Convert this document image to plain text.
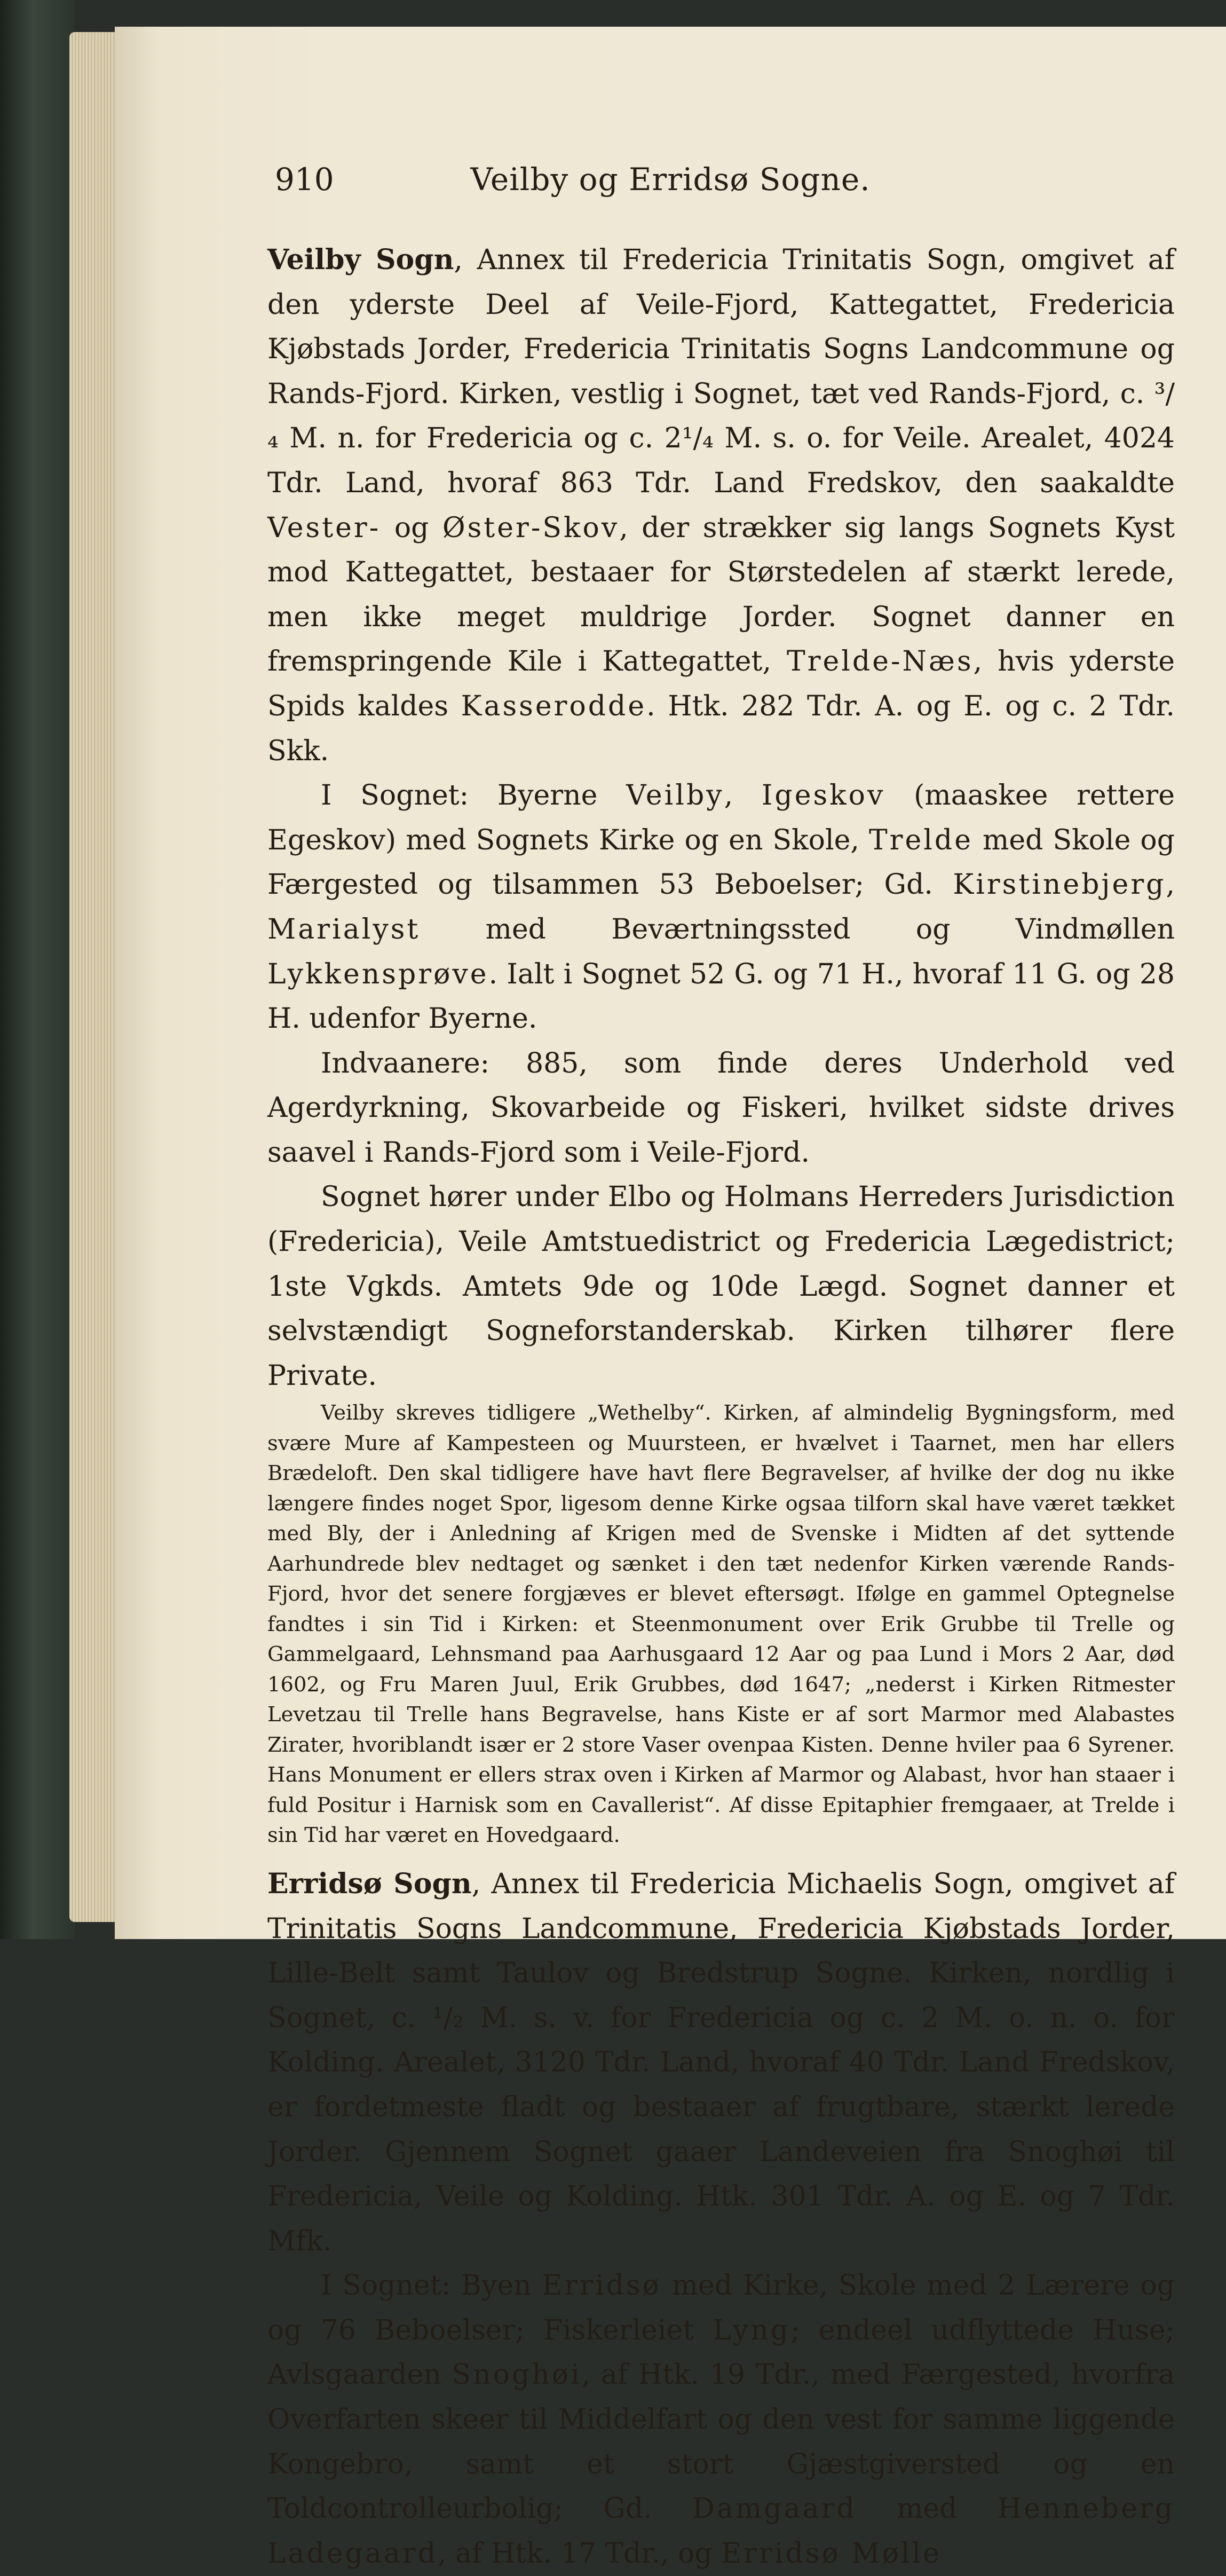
Veilby og Erridsø Sogne.
910

Veilby Sogn, Annex til Fredericia Trinitatis Sogn, omgivet af den yderste Deel af Veile-Fjord, Kattegattet, Fredericia Kjøbstads Jorder, Fredericia Trinitatis Sogns Landcommune og Rands-Fjord. Kirken, vestlig i Sognet, tæt ved Rands-Fjord, c. ³/₄ M. n. for Fredericia og c. 2¹/₄ M. s. o. for Veile. Arealet, 4024 Tdr. Land, hvoraf 863 Tdr. Land Fredskov, den saakaldte Vester- og Øster-Skov, der strækker sig langs Sognets Kyst mod Kattegattet, bestaaer for Størstedelen af stærkt lerede, men ikke meget muldrige Jorder. Sognet danner en fremspringende Kile i Kattegattet, Trelde-Næs, hvis yderste Spids kaldes Kasserodde. Htk. 282 Tdr. A. og E. og c. 2 Tdr. Skk.

I Sognet: Byerne Veilby, Igeskov (maaskee rettere Egeskov) med Sognets Kirke og en Skole, Trelde med Skole og Færgested og tilsammen 53 Beboelser; Gd. Kirstinebjerg, Marialyst med Beværtningssted og Vindmøllen Lykkensprøve. Ialt i Sognet 52 G. og 71 H., hvoraf 11 G. og 28 H. udenfor Byerne.

Indvaanere: 885, som finde deres Underhold ved Agerdyrkning, Skovarbeide og Fiskeri, hvilket sidste drives saavel i Rands-Fjord som i Veile-Fjord.

Sognet hører under Elbo og Holmans Herreders Jurisdiction (Fredericia), Veile Amtstuedistrict og Fredericia Lægedistrict; 1ste Vgkds. Amtets 9de og 10de Lægd. Sognet danner et selvstændigt Sogneforstanderskab. Kirken tilhører flere Private.

Veilby skreves tidligere „Wethelby“. Kirken, af almindelig Bygningsform, med svære Mure af Kampesteen og Muursteen, er hvælvet i Taarnet, men har ellers Brædeloft. Den skal tidligere have havt flere Begravelser, af hvilke der dog nu ikke længere findes noget Spor, ligesom denne Kirke ogsaa tilforn skal have været tækket med Bly, der i Anledning af Krigen med de Svenske i Midten af det syttende Aarhundrede blev nedtaget og sænket i den tæt nedenfor Kirken værende Rands-Fjord, hvor det senere forgjæves er blevet eftersøgt. Ifølge en gammel Optegnelse fandtes i sin Tid i Kirken: et Steenmonument over Erik Grubbe til Trelle og Gammelgaard, Lehnsmand paa Aarhusgaard 12 Aar og paa Lund i Mors 2 Aar, død 1602, og Fru Maren Juul, Erik Grubbes, død 1647; „nederst i Kirken Ritmester Levetzau til Trelle hans Begravelse, hans Kiste er af sort Marmor med Alabastes Zirater, hvoriblandt især er 2 store Vaser ovenpaa Kisten. Denne hviler paa 6 Syrener. Hans Monument er ellers strax oven i Kirken af Marmor og Alabast, hvor han staaer i fuld Positur i Harnisk som en Cavallerist“. Af disse Epitaphier fremgaaer, at Trelde i sin Tid har været en Hovedgaard.

Erridsø Sogn, Annex til Fredericia Michaelis Sogn, omgivet af Trinitatis Sogns Landcommune, Fredericia Kjøbstads Jorder, Lille-Belt samt Taulov og Bredstrup Sogne. Kirken, nordlig i Sognet, c. ¹/₂ M. s. v. for Fredericia og c. 2 M. o. n. o. for Kolding. Arealet, 3120 Tdr. Land, hvoraf 40 Tdr. Land Fredskov, er fordetmeste fladt og bestaaer af frugtbare, stærkt lerede Jorder. Gjennem Sognet gaaer Landeveien fra Snoghøi til Fredericia, Veile og Kolding. Htk. 301 Tdr. A. og E. og 7 Tdr. Mfk.

I Sognet: Byen Erridsø med Kirke, Skole med 2 Lærere og og 76 Beboelser; Fiskerleiet Lyng; endeel udflyttede Huse; Avlsgaarden Snoghøi, af Htk. 19 Tdr., med Færgested, hvorfra Overfarten skeer til Middelfart og den vest for samme liggende Kongebro, samt et stort Gjæstgiversted og en Toldcontrolleurbolig; Gd. Damgaard med Henneberg Ladegaard, af Htk. 17 Tdr., og Erridsø Mølle
